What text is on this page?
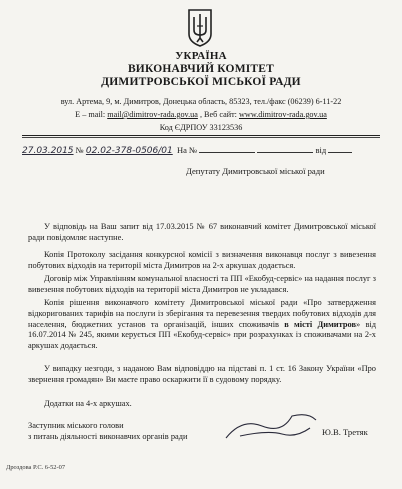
УКРАЇНА
ВИКОНАВЧИЙ КОМІТЕТ
ДИМИТРОВСЬКОЇ МІСЬКОЇ РАДИ
вул. Артема, 9, м. Димитров, Донецька область, 85323, тел./факс (06239) 6-11-22
E – mail: mail@dimitrov-rada.gov.ua , Веб сайт: www.dimitrov-rada.gov.ua
Код ЄДРПОУ 33123536
27.03.2015 № 02.02-378-0506/01 На №	від
Депутату Димитровської міської ради
У відповідь на Ваш запит від 17.03.2015 № 67 виконавчий комітет Димитровської міської ради повідомляє наступне.
Копія Протоколу засідання конкурсної комісії з визначення виконавця послуг з вивезення побутових відходів на території міста Димитров на 2-х аркушах додається.
Договір між Управлінням комунальної власності та ПП «Екобуд-сервіс» на надання послуг з вивезення побутових відходів на території міста Димитров не укладався.
Копія рішення виконавчого комітету Димитровської міської ради «Про затвердження відкоригованих тарифів на послуги із зберігання та перевезення твердих побутових відходів для населення, бюджетних установ та організацій, інших споживачів в місті Димитров» від 16.07.2014 № 245, якими керується ПП «Екобуд-сервіс» при розрахунках із споживачами на 2-х аркушах додається.
У випадку незгоди, з наданою Вам відповіддю на підставі п. 1 ст. 16 Закону України «Про звернення громадян» Ви маєте право оскаржити її в судовому порядку.
Додатки на 4-х аркушах.
Заступник міського голови
з питань діяльності виконавчих органів ради	Ю.В. Третяк
Дроздова Р.С. 6-52-07
